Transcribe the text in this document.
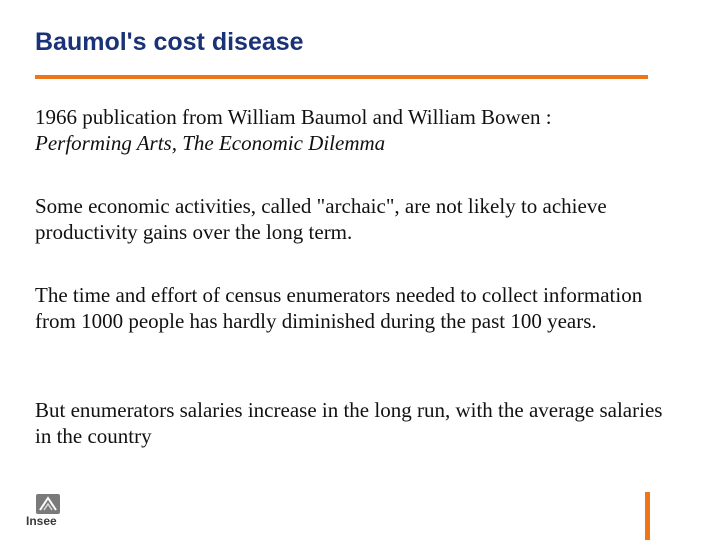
Baumol's cost disease

1966 publication from William Baumol and William Bowen :
Performing Arts, The Economic Dilemma

Some economic activities, called "archaic", are not likely to achieve productivity gains over the long term.

The time and effort of census enumerators needed to collect information from 1000 people has hardly diminished during the past 100 years.

But enumerators salaries increase in the long run, with the average salaries in the country

Insee
